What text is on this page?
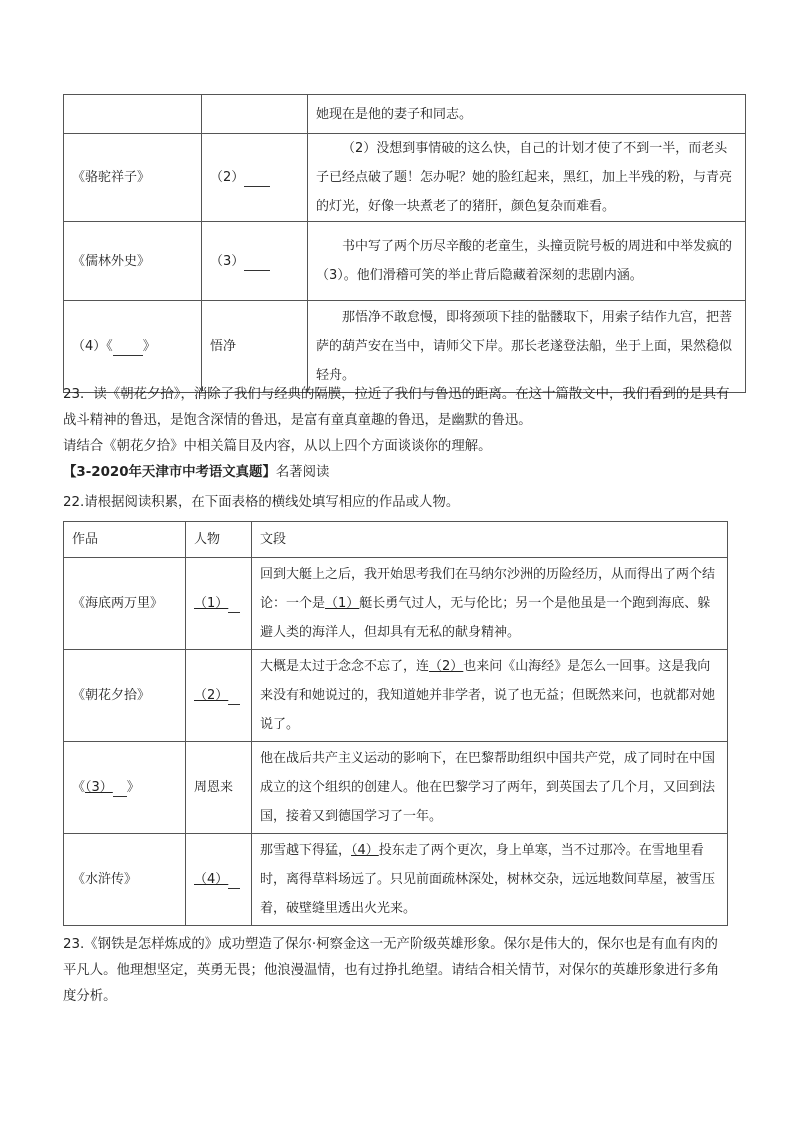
		她现在是他的妻子和同志。
《骆驼祥子》	（2）	（2）没想到事情破的这么快，自己的计划才使了不到一半，而老头子已经点破了题！怎办呢？她的脸红起来，黑红，加上半残的粉，与青亮的灯光，好像一块煮老了的猪肝，颜色复杂而难看。
《儒林外史》	（3）	书中写了两个历尽辛酸的老童生，头撞贡院号板的周进和中举发疯的（3）。他们滑稽可笑的举止背后隐藏着深刻的悲剧内涵。
（4）《 》	悟净	那悟净不敢怠慢，即将颈项下挂的骷髅取下，用索子结作九宫，把菩萨的葫芦安在当中，请师父下岸。那长老遂登法船，坐于上面，果然稳似轻舟。
23．读《朝花夕拾》，消除了我们与经典的隔膜，拉近了我们与鲁迅的距离。在这十篇散文中，我们看到的是具有战斗精神的鲁迅，是饱含深情的鲁迅，是富有童真童趣的鲁迅，是幽默的鲁迅。
请结合《朝花夕拾》中相关篇目及内容，从以上四个方面谈谈你的理解。
【3-2020年天津市中考语文真题】名著阅读
22.请根据阅读积累，在下面表格的横线处填写相应的作品或人物。
作品	人物	文段
《海底两万里》	（1）	回到大艇上之后，我开始思考我们在马纳尔沙洲的历险经历，从而得出了两个结论：一个是（1）艇长勇气过人，无与伦比；另一个是他虽是一个跑到海底、躲避人类的海洋人，但却具有无私的献身精神。
《朝花夕拾》	（2）	大概是太过于念念不忘了，连（2）也来问《山海经》是怎么一回事。这是我向来没有和她说过的，我知道她并非学者，说了也无益；但既然来问，也就都对她说了。
《（3） 》	周恩来	他在战后共产主义运动的影响下，在巴黎帮助组织中国共产党，成了同时在中国成立的这个组织的创建人。他在巴黎学习了两年，到英国去了几个月，又回到法国，接着又到德国学习了一年。
《水浒传》	（4）	那雪越下得猛，（4）投东走了两个更次，身上单寒，当不过那冷。在雪地里看时，离得草料场远了。只见前面疏林深处，树林交杂，远远地数间草屋，被雪压着，破壁缝里透出火光来。
23.《钢铁是怎样炼成的》成功塑造了保尔·柯察金这一无产阶级英雄形象。保尔是伟大的，保尔也是有血有肉的平凡人。他理想坚定，英勇无畏；他浪漫温情，也有过挣扎绝望。请结合相关情节，对保尔的英雄形象进行多角度分析。
